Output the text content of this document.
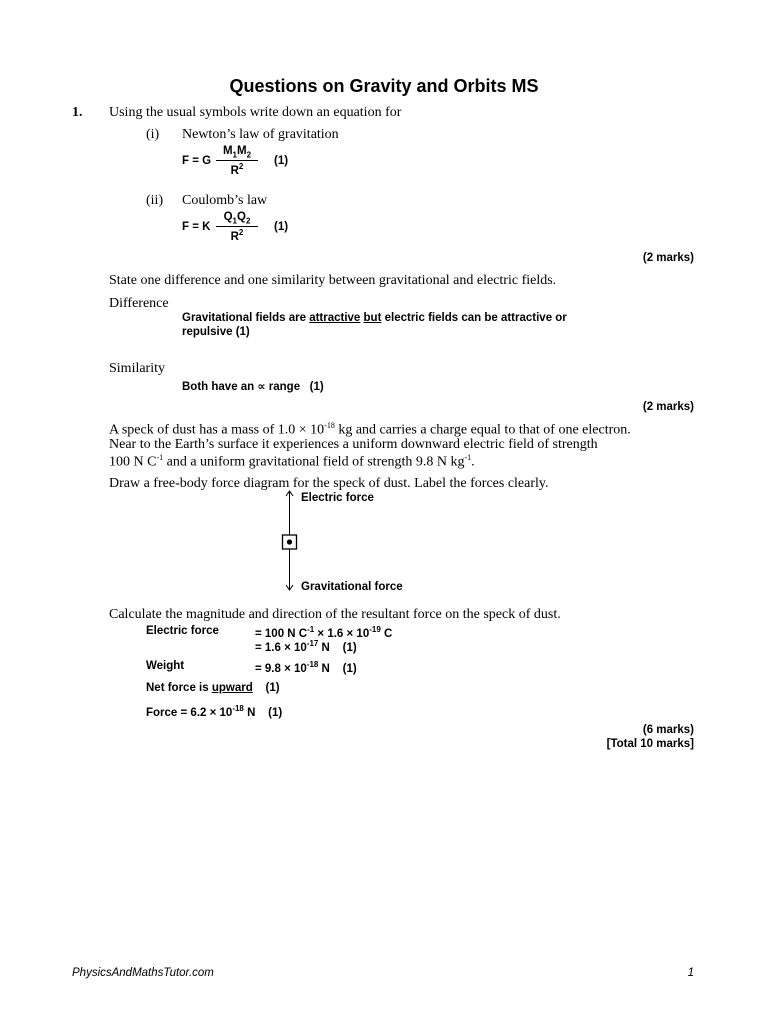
Questions on Gravity and Orbits MS
1. Using the usual symbols write down an equation for
(i) Newton’s law of gravitation
F = G $\frac{M_1M_2}{R^2} (1)$
(ii) Coulomb’s law
F = K $\frac{Q_1Q_2}{R^2} (1)$
(2 marks)
State one difference and one similarity between gravitational and electric fields.
Difference
Gravitational fields are attractive but electric fields can be attractive or
repulsive (1)
Similarity
Both have an ∝ range   (1)
(2 marks)
A speck of dust has a mass of $1.0 \times 10^{-18}$ kg and carries a charge equal to that of one electron.
Near to the Earth’s surface it experiences a uniform downward electric field of strength
100 N $C^{-1}$ and a uniform gravitational field of strength 9.8 N $kg^{-1}$.
Draw a free-body force diagram for the speck of dust. Label the forces clearly.
Electric force
Gravitational force
Calculate the magnitude and direction of the resultant force on the speck of dust.
Electric force	= 100 N $C^{-1} \times 1.6 \times 10^{-19}$ C
= $1.6 \times 10^{-17}$ N    (1)
Weight	= $9.8 \times 10^{-18}$ N    (1)
Net force is upward    (1)
Force = $6.2 \times 10^{-18}$ N    (1)
(6 marks)
[Total 10 marks]
PhysicsAndMathsTutor.com	1
